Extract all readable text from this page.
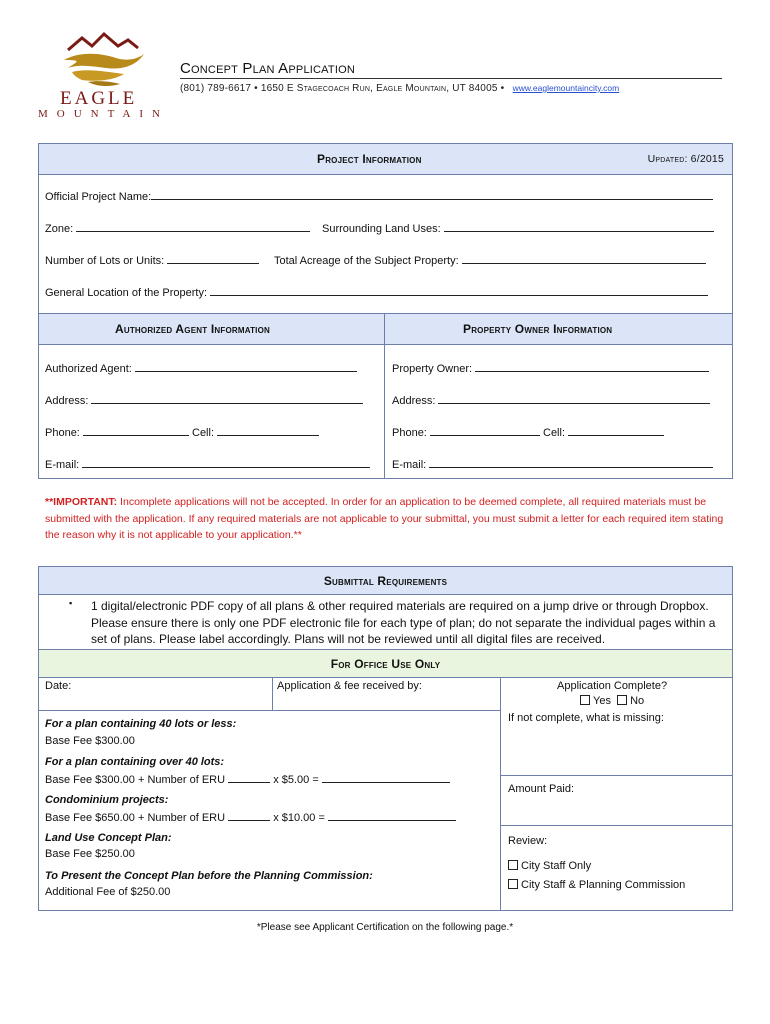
EAGLE
MOUNTAIN
Concept Plan Application
(801) 789-6617 • 1650 E Stagecoach Run, Eagle Mountain, UT 84005 • www.eaglemountaincity.com
Project Information	Updated: 6/2015
Official Project Name:
Zone:	Surrounding Land Uses:
Number of Lots or Units:	Total Acreage of the Subject Property:
General Location of the Property:
Authorized Agent Information	Property Owner Information
Authorized Agent:
Address:
Phone:	Cell:
E-mail:
Property Owner:
Address:
Phone:	Cell:
E-mail:
**IMPORTANT: Incomplete applications will not be accepted. In order for an application to be deemed complete, all required materials must be submitted with the application. If any required materials are not applicable to your submittal, you must submit a letter for each required item stating the reason why it is not applicable to your application.**
Submittal Requirements
▪ 1 digital/electronic PDF copy of all plans & other required materials are required on a jump drive or through Dropbox. Please ensure there is only one PDF electronic file for each type of plan; do not separate the individual pages within a set of plans. Please label accordingly. Plans will not be reviewed until all digital files are received.
For Office Use Only
Date:	Application & fee received by:	Application Complete?
Yes No
If not complete, what is missing:
Amount Paid:
Review:
City Staff Only
City Staff & Planning Commission
For a plan containing 40 lots or less:
Base Fee $300.00
For a plan containing over 40 lots:
Base Fee $300.00 + Number of ERU	x $5.00 =
Condominium projects:
Base Fee $650.00 + Number of ERU	x $10.00 =
Land Use Concept Plan:
Base Fee $250.00
To Present the Concept Plan before the Planning Commission:
Additional Fee of $250.00
*Please see Applicant Certification on the following page.*
